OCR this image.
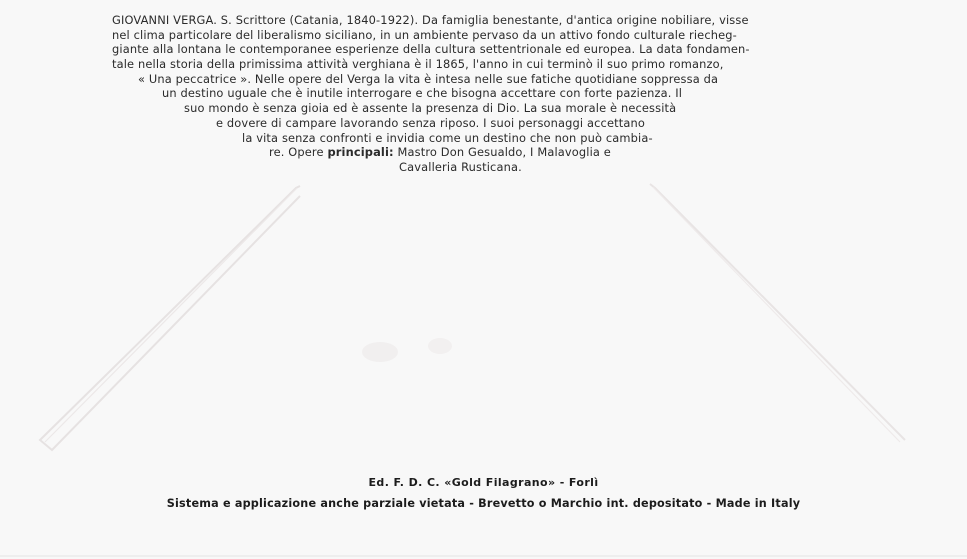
GIOVANNI VERGA. S. Scrittore (Catania, 1840-1922). Da famiglia benestante, d'antica origine nobiliare, visse
nel clima particolare del liberalismo siciliano, in un ambiente pervaso da un attivo fondo culturale riecheg-
giante alla lontana le contemporanee esperienze della cultura settentrionale ed europea. La data fondamen-
tale nella storia della primissima attività verghiana è il 1865, l'anno in cui terminò il suo primo romanzo,
« Una peccatrice ». Nelle opere del Verga la vita è intesa nelle sue fatiche quotidiane soppressa da
un destino uguale che è inutile interrogare e che bisogna accettare con forte pazienza. Il
suo mondo è senza gioia ed è assente la presenza di Dio. La sua morale è necessità
e dovere di campare lavorando senza riposo. I suoi personaggi accettano
la vita senza confronti e invidia come un destino che non può cambia-
re. Opere principali: Mastro Don Gesualdo, I Malavoglia e
Cavalleria Rusticana.
Ed. F. D. C. «Gold Filagrano» - Forlì
Sistema e applicazione anche parziale vietata - Brevetto o Marchio int. depositato - Made in Italy
